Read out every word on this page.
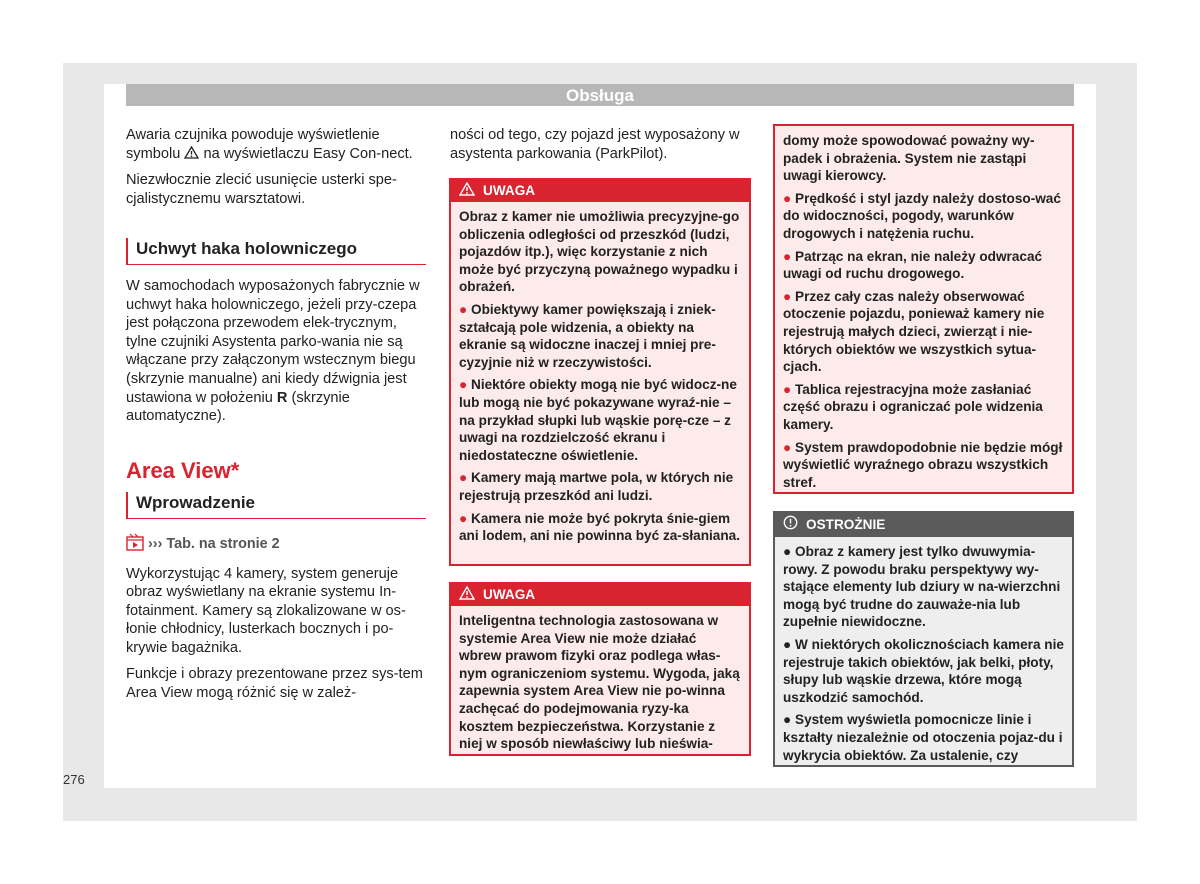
Obsługa

Awaria czujnika powoduje wyświetlenie symbolu na wyświetlaczu Easy Con-nect.

Niezwłocznie zlecić usunięcie usterki spe-cjalistycznemu warsztatowi.

Uchwyt haka holowniczego

W samochodach wyposażonych fabrycznie w uchwyt haka holowniczego, jeżeli przy-czepa jest połączona przewodem elek-trycznym, tylne czujniki Asystenta parko-wania nie są włączane przy załączonym wstecznym biegu (skrzynie manualne) ani kiedy dźwignia jest ustawiona w położeniu R (skrzynie automatyczne).

Area View*
Wprowadzenie
››› Tab. na stronie 2

Wykorzystując 4 kamery, system generuje obraz wyświetlany na ekranie systemu In-fotainment. Kamery są zlokalizowane w os-łonie chłodnicy, lusterkach bocznych i po-krywie bagażnika.

Funkcje i obrazy prezentowane przez sys-tem Area View mogą różnić się w zależ-

ności od tego, czy pojazd jest wyposażony w asystenta parkowania (ParkPilot).

UWAGA

Obraz z kamer nie umożliwia precyzyjne-go obliczenia odległości od przeszkód (ludzi, pojazdów itp.), więc korzystanie z nich może być przyczyną poważnego wypadku i obrażeń.

● Obiektywy kamer powiększają i zniek-ształcają pole widzenia, a obiekty na ekranie są widoczne inaczej i mniej pre-cyzyjnie niż w rzeczywistości.

● Niektóre obiekty mogą nie być widocz-ne lub mogą nie być pokazywane wyraź-nie – na przykład słupki lub wąskie porę-cze – z uwagi na rozdzielczość ekranu i niedostateczne oświetlenie.

● Kamery mają martwe pola, w których nie rejestrują przeszkód ani ludzi.

● Kamera nie może być pokryta śnie-giem ani lodem, ani nie powinna być za-słaniana.

UWAGA

Inteligentna technologia zastosowana w systemie Area View nie może działać wbrew prawom fizyki oraz podlega włas-nym ograniczeniom systemu. Wygoda, jaką zapewnia system Area View nie po-winna zachęcać do podejmowania ryzy-ka kosztem bezpieczeństwa. Korzystanie z niej w sposób niewłaściwy lub nieświa-

domy może spowodować poważny wy-padek i obrażenia. System nie zastąpi uwagi kierowcy.

● Prędkość i styl jazdy należy dostoso-wać do widoczności, pogody, warunków drogowych i natężenia ruchu.

● Patrząc na ekran, nie należy odwracać uwagi od ruchu drogowego.

● Przez cały czas należy obserwować otoczenie pojazdu, ponieważ kamery nie rejestrują małych dzieci, zwierząt i nie-których obiektów we wszystkich sytua-cjach.

● Tablica rejestracyjna może zasłaniać część obrazu i ograniczać pole widzenia kamery.

● System prawdopodobnie nie będzie mógł wyświetlić wyraźnego obrazu wszystkich stref.

OSTROŻNIE

● Obraz z kamery jest tylko dwuwymia-rowy. Z powodu braku perspektywy wy-stające elementy lub dziury w na-wierzchni mogą być trudne do zauważe-nia lub zupełnie niewidoczne.

● W niektórych okolicznościach kamera nie rejestruje takich obiektów, jak belki, płoty, słupy lub wąskie drzewa, które mogą uszkodzić samochód.

● System wyświetla pomocnicze linie i kształty niezależnie od otoczenia pojaz-du i wykrycia obiektów. Za ustalenie, czy

276
